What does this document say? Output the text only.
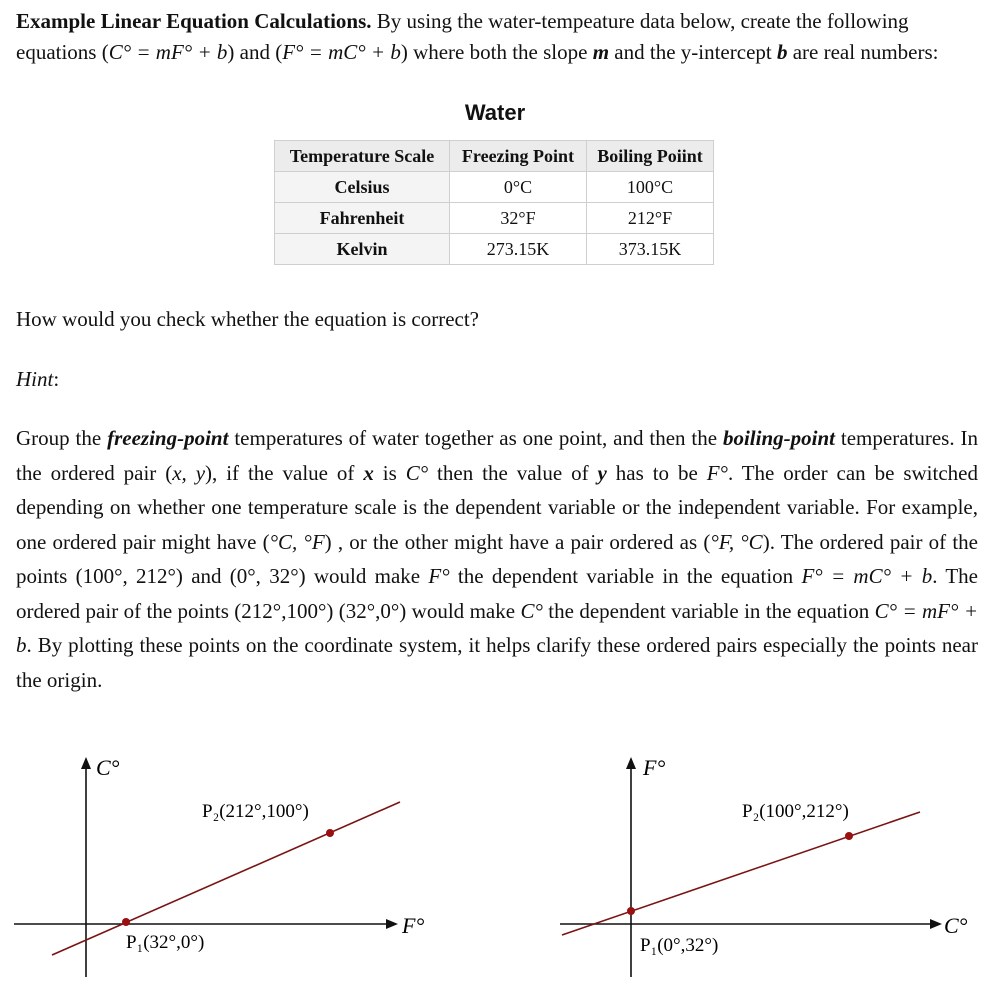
Example Linear Equation Calculations. By using the water-tempeature data below, create the following equations (C° = mF° + b) and (F° = mC° + b) where both the slope m and the y-intercept b are real numbers:

Water
Temperature Scale	Freezing Point	Boiling Poiint
Celsius	0°C	100°C
Fahrenheit	32°F	212°F
Kelvin	273.15K	373.15K

How would you check whether the equation is correct?

Hint:

Group the freezing-point temperatures of water together as one point, and then the boiling-point temperatures. In the ordered pair (x, y), if the value of x is C° then the value of y has to be F°. The order can be switched depending on whether one temperature scale is the dependent variable or the independent variable. For example, one ordered pair might have (°C, °F) , or the other might have a pair ordered as (°F, °C). The ordered pair of the points (100°, 212°) and (0°, 32°) would make F° the dependent variable in the equation F° = mC° + b. The ordered pair of the points (212°,100°) (32°,0°) would make C° the dependent variable in the equation C° = mF° + b. By plotting these points on the coordinate system, it helps clarify these ordered pairs especially the points near the origin.

C°
F°
P₁(32°,0°)
P₂(212°,100°)
F°
C°
P₁(0°,32°)
P₂(100°,212°)
